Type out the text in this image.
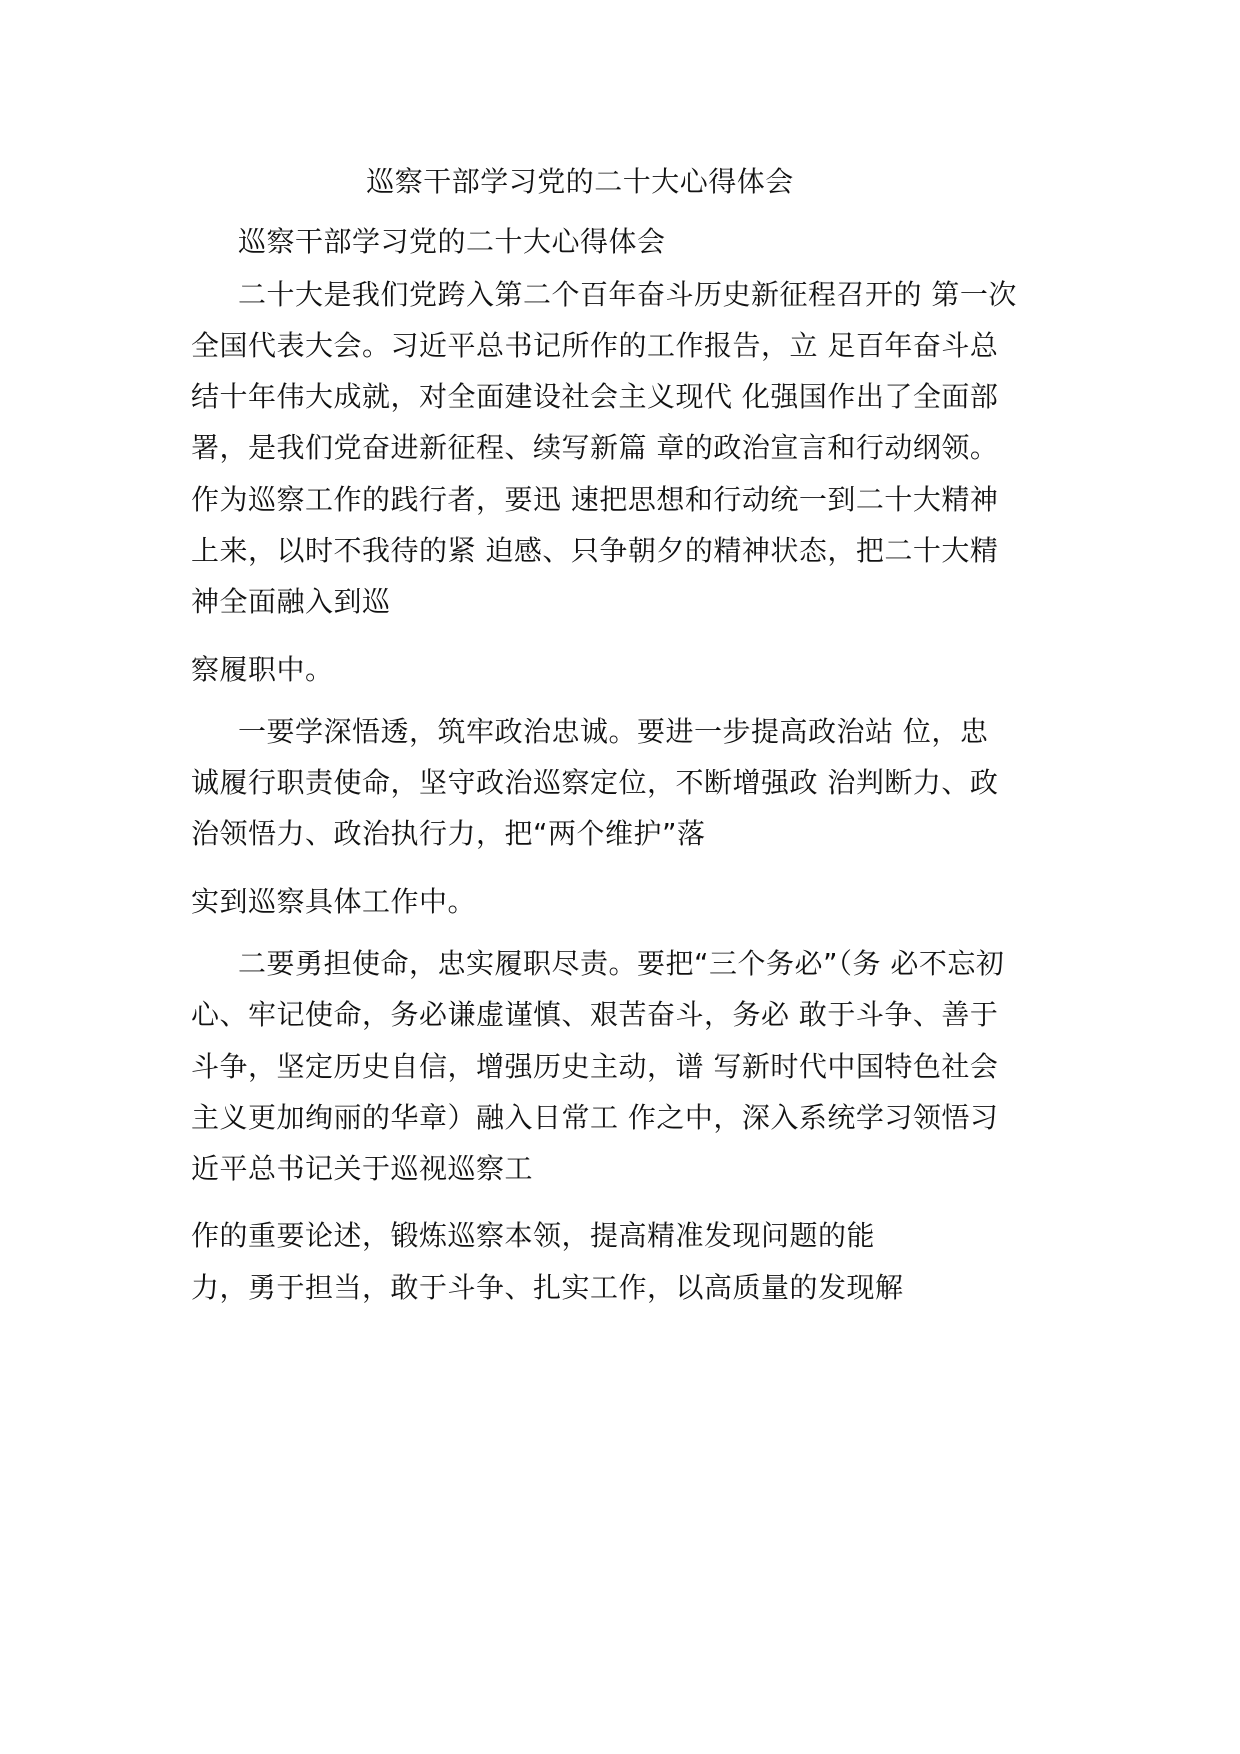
巡察干部学习党的二十大心得体会
巡察干部学习党的二十大心得体会
二十大是我们党跨入第二个百年奋斗历史新征程召开的 第一次
全国代表大会。习近平总书记所作的工作报告，立 足百年奋斗总
结十年伟大成就，对全面建设社会主义现代 化强国作出了全面部
署，是我们党奋进新征程、续写新篇 章的政治宣言和行动纲领。
作为巡察工作的践行者，要迅 速把思想和行动统一到二十大精神
上来，以时不我待的紧 迫感、只争朝夕的精神状态，把二十大精
神全面融入到巡
察履职中。
一要学深悟透，筑牢政治忠诚。要进一步提高政治站 位，忠
诚履行职责使命，坚守政治巡察定位，不断增强政 治判断力、政
治领悟力、政治执行力，把“两个维护”落
实到巡察具体工作中。
二要勇担使命，忠实履职尽责。要把“三个务必”（务 必不忘初
心、牢记使命，务必谦虚谨慎、艰苦奋斗，务必 敢于斗争、善于
斗争，坚定历史自信，增强历史主动，谱 写新时代中国特色社会
主义更加绚丽的华章）融入日常工 作之中，深入系统学习领悟习
近平总书记关于巡视巡察工
作的重要论述，锻炼巡察本领，提高精准发现问题的能
力，勇于担当，敢于斗争、扎实工作，以高质量的发现解
